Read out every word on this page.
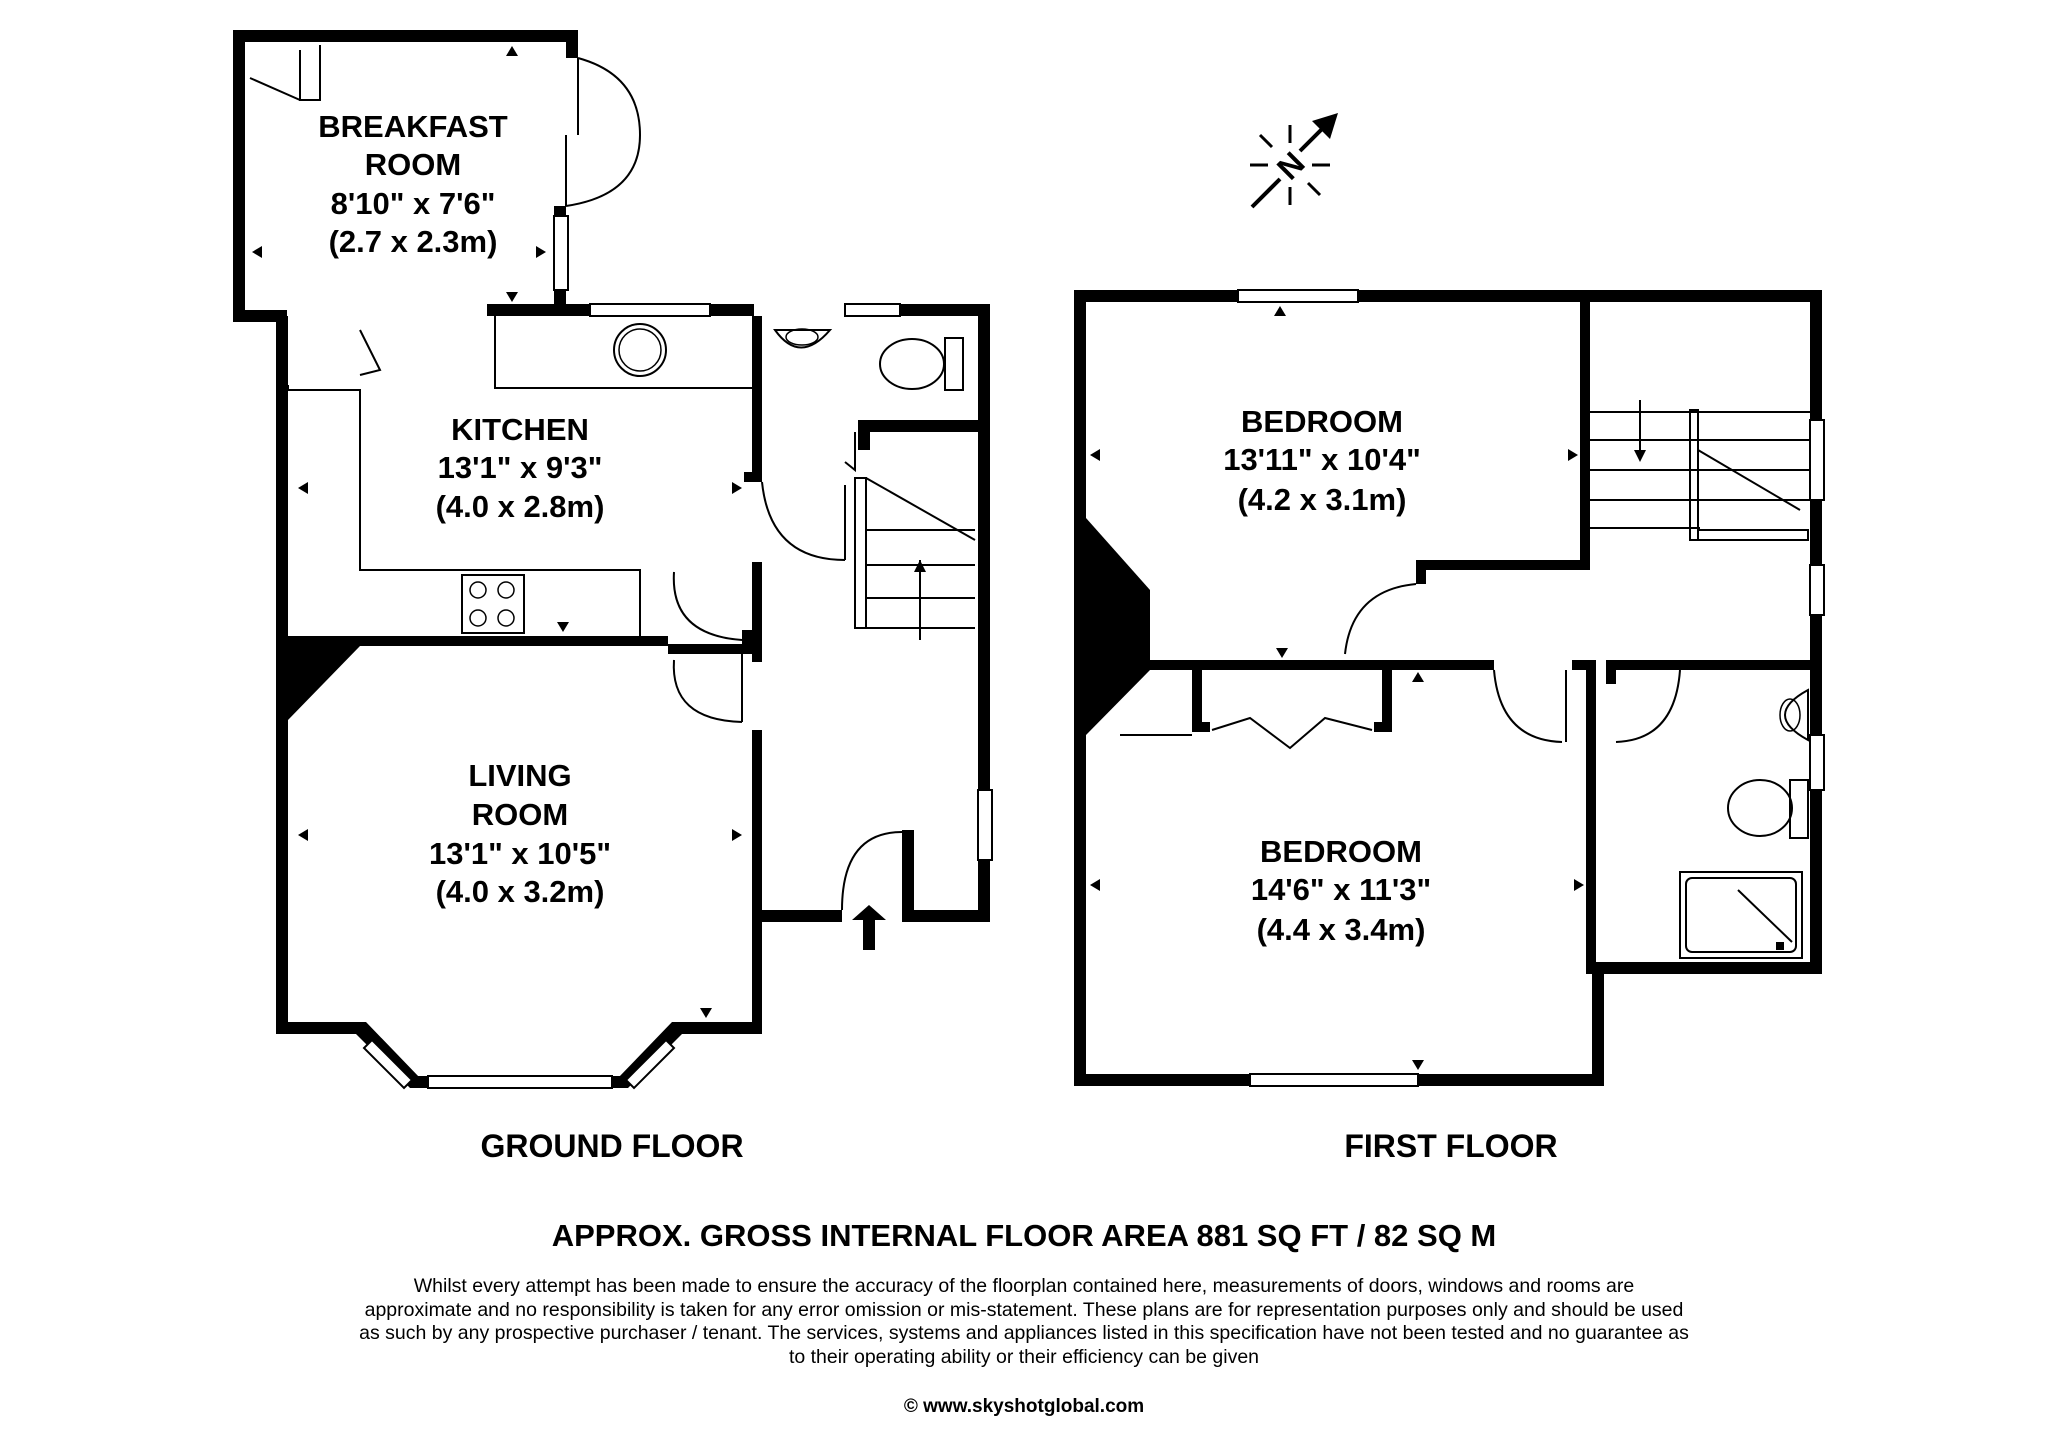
BREAKFAST
ROOM
8'10" x 7'6"
(2.7 x 2.3m)
KITCHEN
13'1" x 9'3"
(4.0 x 2.8m)
LIVING
ROOM
13'1" x 10'5"
(4.0 x 3.2m)
BEDROOM
13'11" x 10'4"
(4.2 x 3.1m)
BEDROOM
14'6" x 11'3"
(4.4 x 3.4m)
N
GROUND FLOOR	FIRST FLOOR
APPROX. GROSS INTERNAL FLOOR AREA 881 SQ FT / 82 SQ M
Whilst every attempt has been made to ensure the accuracy of the floorplan contained here, measurements of doors, windows and rooms are approximate and no responsibility is taken for any error omission or mis-statement. These plans are for representation purposes only and should be used as such by any prospective purchaser / tenant. The services, systems and appliances listed in this specification have not been tested and no guarantee as to their operating ability or their efficiency can be given
© www.skyshotglobal.com
